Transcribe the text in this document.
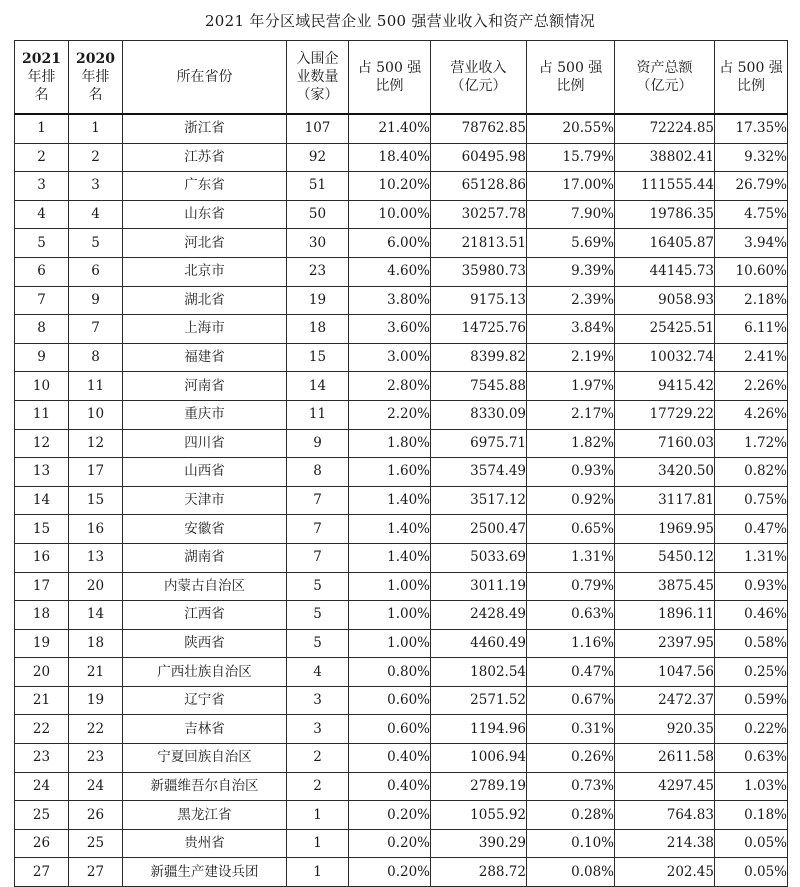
2021 年分区域民营企业 500 强营业收入和资产总额情况
2021
年排
名	2020
年排
名	所在省份	入围企
业数量
（家）	占 500 强
比例	营业收入
（亿元）	占 500 强
比例	资产总额
（亿元）	占 500 强
比例

1	1	浙江省	107	21.40%	78762.85	20.55%	72224.85	17.35%
2	2	江苏省	92	18.40%	60495.98	15.79%	38802.41	9.32%
3	3	广东省	51	10.20%	65128.86	17.00%	111555.44	26.79%
4	4	山东省	50	10.00%	30257.78	7.90%	19786.35	4.75%
5	5	河北省	30	6.00%	21813.51	5.69%	16405.87	3.94%
6	6	北京市	23	4.60%	35980.73	9.39%	44145.73	10.60%
7	9	湖北省	19	3.80%	9175.13	2.39%	9058.93	2.18%
8	7	上海市	18	3.60%	14725.76	3.84%	25425.51	6.11%
9	8	福建省	15	3.00%	8399.82	2.19%	10032.74	2.41%
10	11	河南省	14	2.80%	7545.88	1.97%	9415.42	2.26%
11	10	重庆市	11	2.20%	8330.09	2.17%	17729.22	4.26%
12	12	四川省	9	1.80%	6975.71	1.82%	7160.03	1.72%
13	17	山西省	8	1.60%	3574.49	0.93%	3420.50	0.82%
14	15	天津市	7	1.40%	3517.12	0.92%	3117.81	0.75%
15	16	安徽省	7	1.40%	2500.47	0.65%	1969.95	0.47%
16	13	湖南省	7	1.40%	5033.69	1.31%	5450.12	1.31%
17	20	内蒙古自治区	5	1.00%	3011.19	0.79%	3875.45	0.93%
18	14	江西省	5	1.00%	2428.49	0.63%	1896.11	0.46%
19	18	陕西省	5	1.00%	4460.49	1.16%	2397.95	0.58%
20	21	广西壮族自治区	4	0.80%	1802.54	0.47%	1047.56	0.25%
21	19	辽宁省	3	0.60%	2571.52	0.67%	2472.37	0.59%
22	22	吉林省	3	0.60%	1194.96	0.31%	920.35	0.22%
23	23	宁夏回族自治区	2	0.40%	1006.94	0.26%	2611.58	0.63%
24	24	新疆维吾尔自治区	2	0.40%	2789.19	0.73%	4297.45	1.03%
25	26	黑龙江省	1	0.20%	1055.92	0.28%	764.83	0.18%
26	25	贵州省	1	0.20%	390.29	0.10%	214.38	0.05%
27	27	新疆生产建设兵团	1	0.20%	288.72	0.08%	202.45	0.05%
